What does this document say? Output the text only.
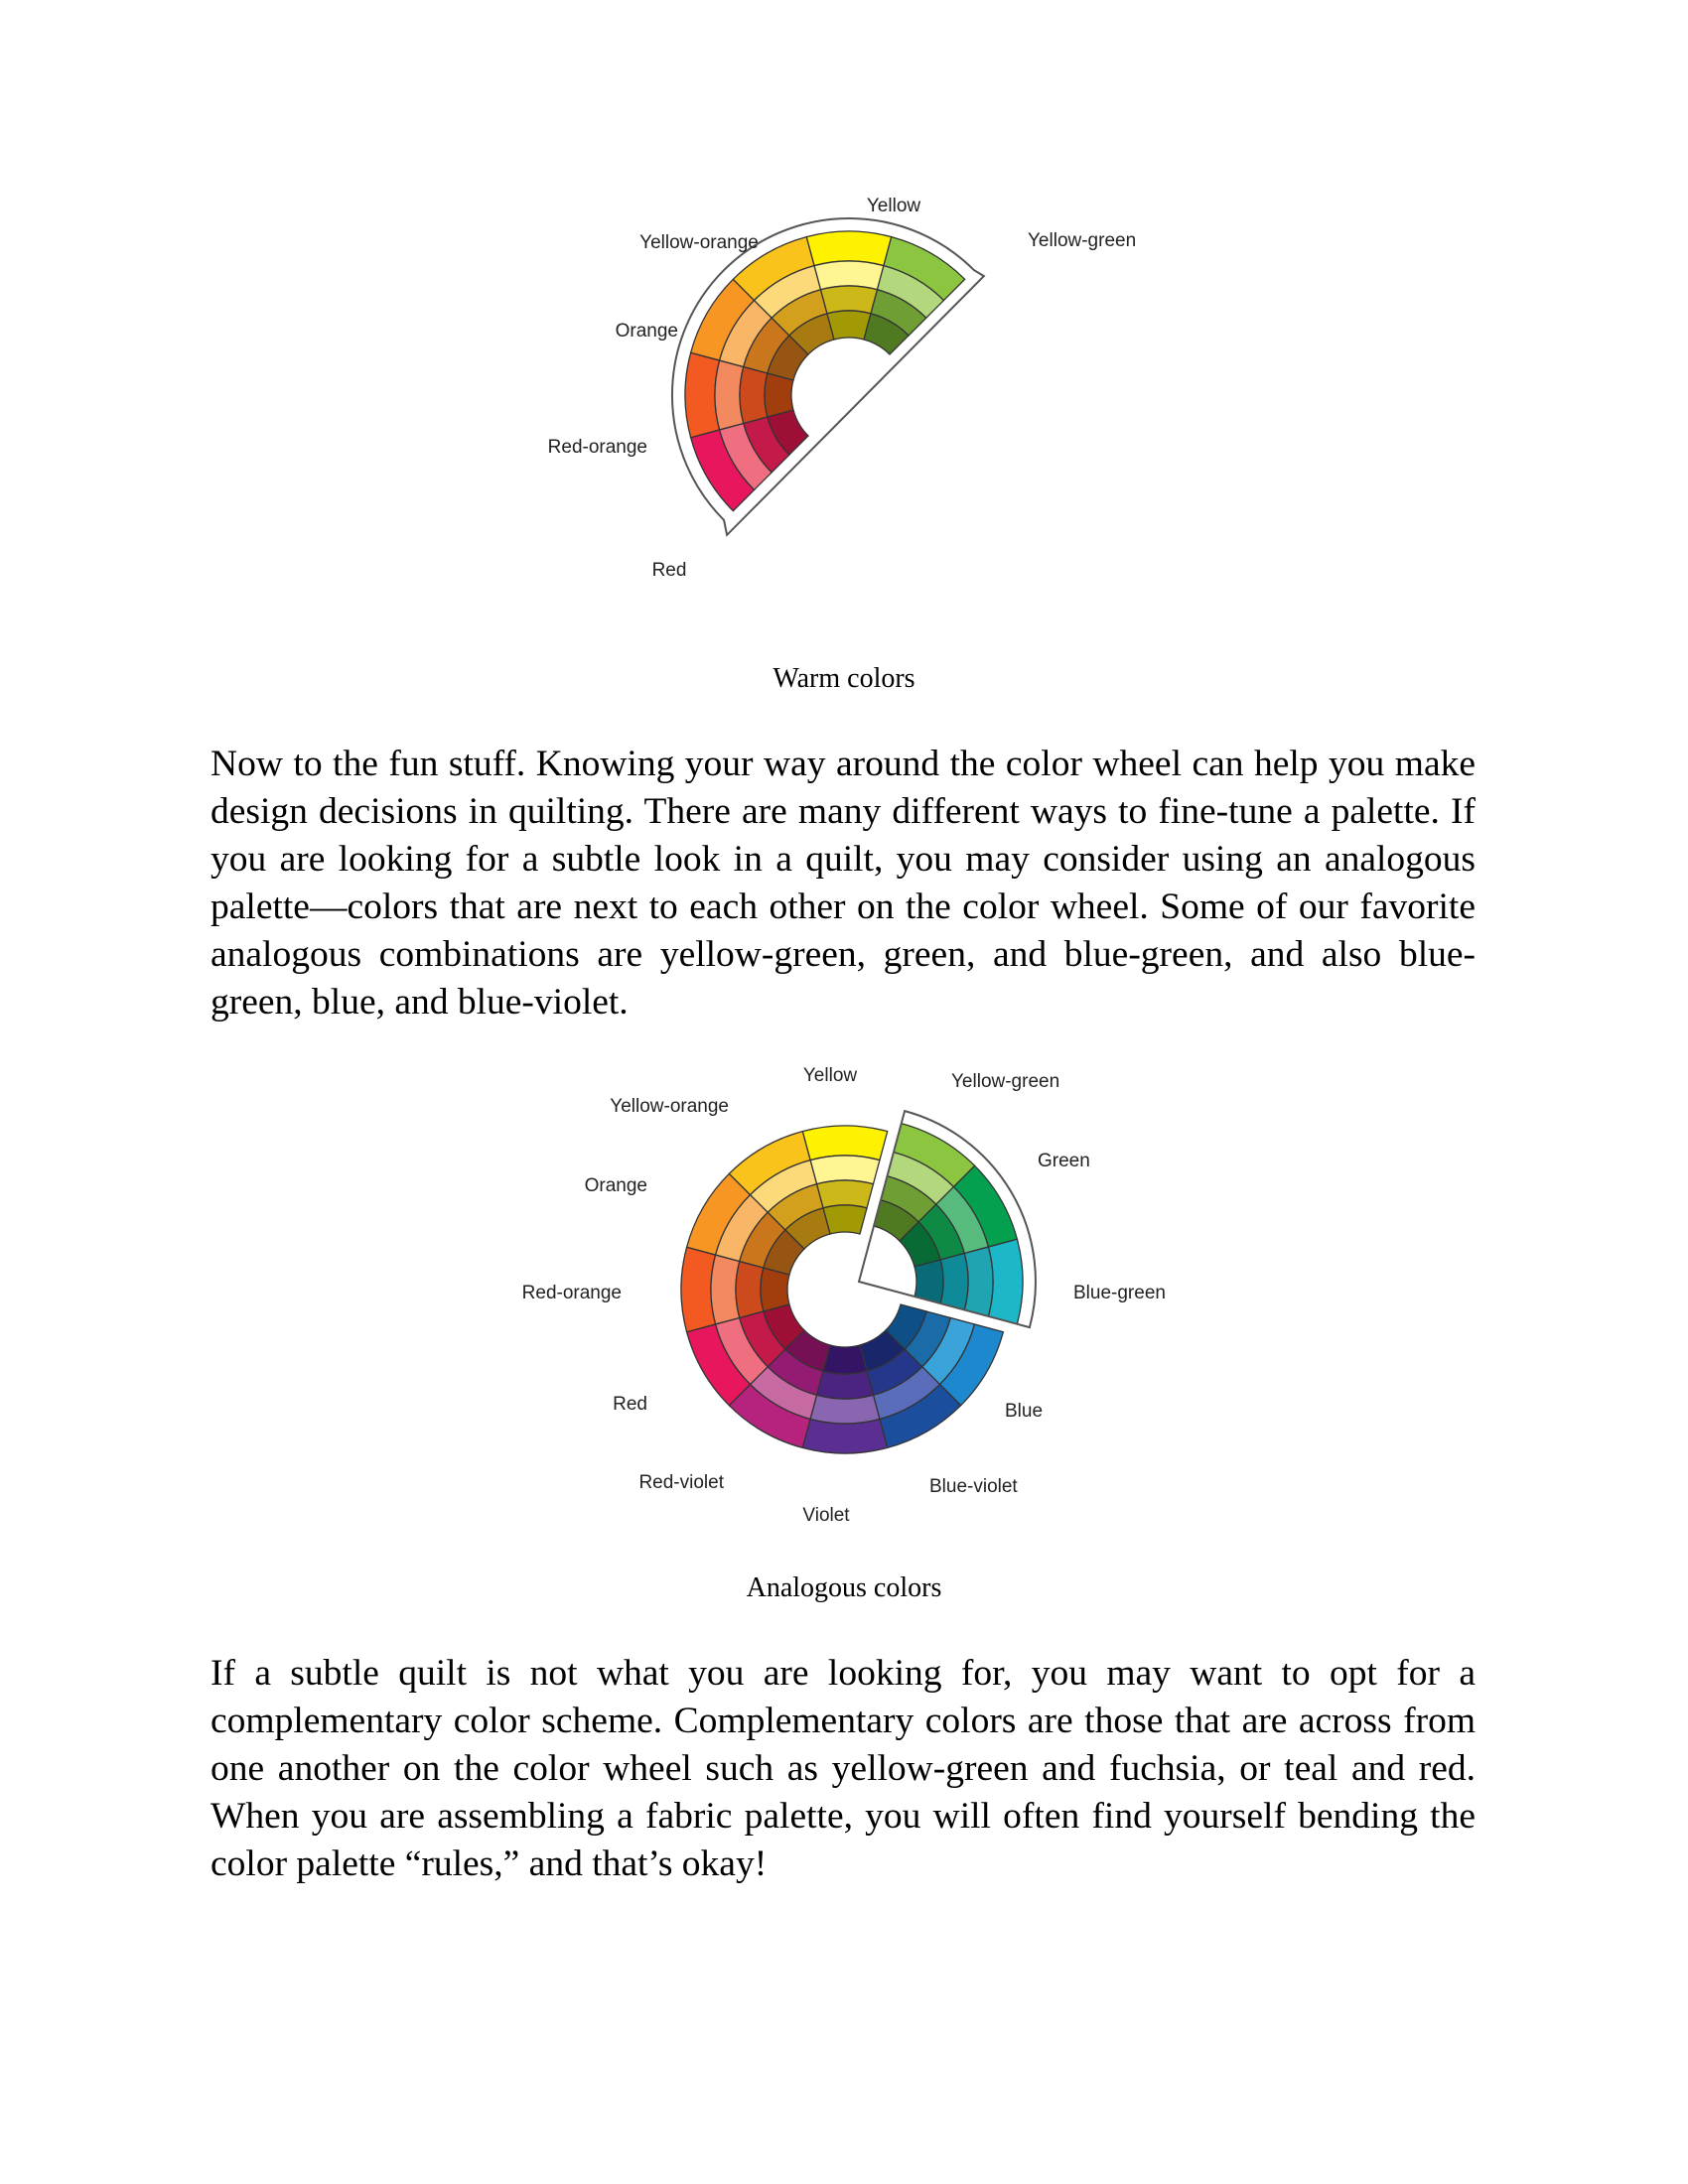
Red
Red-orange
Orange
Yellow-orange
Yellow
Yellow-green
Yellow	Yellow-green
Green
Blue-green
Blue
Blue-violet
Violet
Red-violet
Red
Red-orange
Orange
Yellow-orange

Warm colors

Now to the fun stuff. Knowing your way around the color wheel can help you make design decisions in quilting. There are many different ways to fine-tune a palette. If you are looking for a subtle look in a quilt, you may consider using an analogous palette—colors that are next to each other on the color wheel. Some of our favorite analogous combinations are yellow-green, green, and blue-green, and also blue-green, blue, and blue-violet.

Analogous colors

If a subtle quilt is not what you are looking for, you may want to opt for a complementary color scheme. Complementary colors are those that are across from one another on the color wheel such as yellow-green and fuchsia, or teal and red. When you are assembling a fabric palette, you will often find yourself bending the color palette “rules,” and that’s okay!
